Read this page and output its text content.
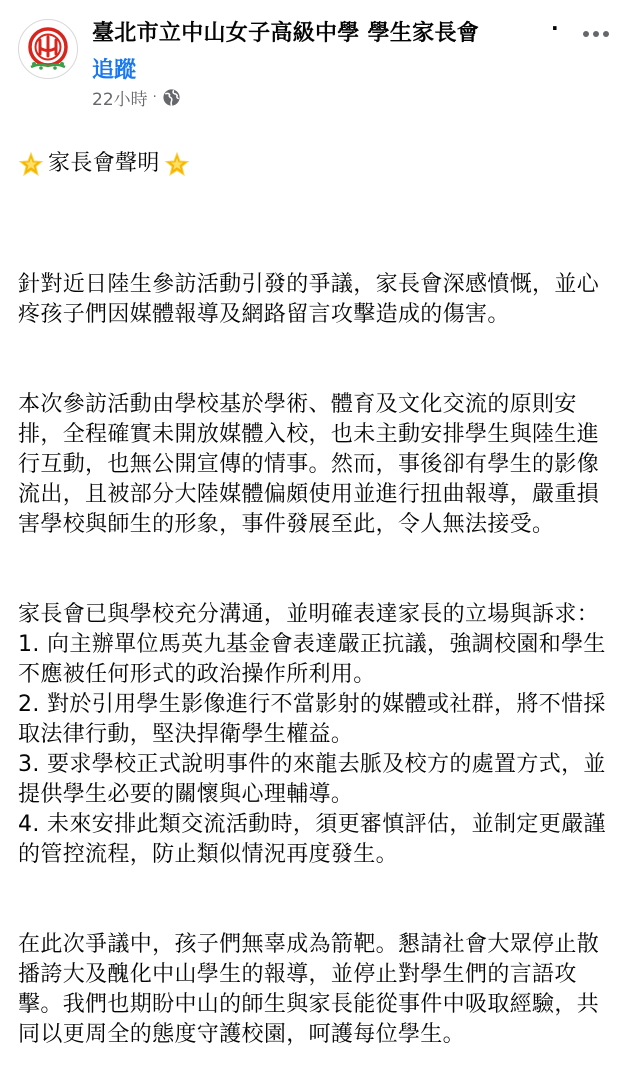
臺北市立中山女子高級中學 學生家長會	·
追蹤
22小時 ·

家長會聲明

針對近日陸生參訪活動引發的爭議，家長會深感憤慨，並心疼孩子們因媒體報導及網路留言攻擊造成的傷害。

本次參訪活動由學校基於學術、體育及文化交流的原則安排，全程確實未開放媒體入校，也未主動安排學生與陸生進行互動，也無公開宣傳的情事。然而，事後卻有學生的影像流出，且被部分大陸媒體偏頗使用並進行扭曲報導，嚴重損害學校與師生的形象，事件發展至此，令人無法接受。

家長會已與學校充分溝通，並明確表達家長的立場與訴求：
1. 向主辦單位馬英九基金會表達嚴正抗議，強調校園和學生不應被任何形式的政治操作所利用。
2. 對於引用學生影像進行不當影射的媒體或社群，將不惜採取法律行動，堅決捍衛學生權益。
3. 要求學校正式說明事件的來龍去脈及校方的處置方式，並提供學生必要的關懷與心理輔導。
4. 未來安排此類交流活動時，須更審慎評估，並制定更嚴謹的管控流程，防止類似情況再度發生。

在此次爭議中，孩子們無辜成為箭靶。懇請社會大眾停止散播誇大及醜化中山學生的報導，並停止對學生們的言語攻擊。我們也期盼中山的師生與家長能從事件中吸取經驗，共同以更周全的態度守護校園，呵護每位學生。
